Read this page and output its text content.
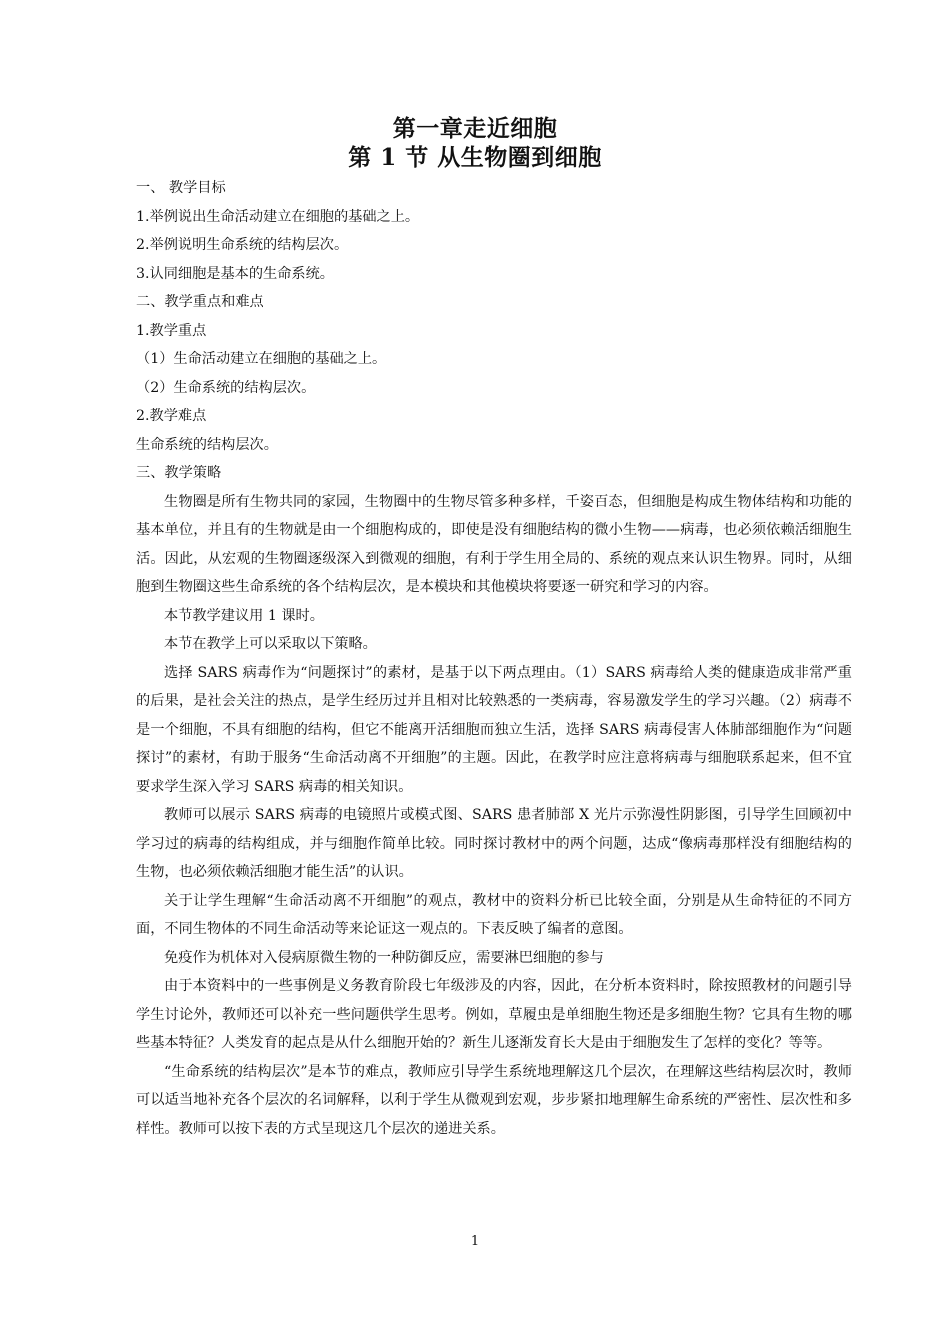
第一章走近细胞
第 1 节 从生物圈到细胞

一、 教学目标

1.举例说出生命活动建立在细胞的基础之上。

2.举例说明生命系统的结构层次。

3.认同细胞是基本的生命系统。

二、教学重点和难点

1.教学重点

（1）生命活动建立在细胞的基础之上。

（2）生命系统的结构层次。

2.教学难点

生命系统的结构层次。

三、教学策略

生物圈是所有生物共同的家园，生物圈中的生物尽管多种多样，千姿百态，但细胞是构成生物体结构和功能的基本单位，并且有的生物就是由一个细胞构成的，即使是没有细胞结构的微小生物——病毒，也必须依赖活细胞生活。因此，从宏观的生物圈逐级深入到微观的细胞，有利于学生用全局的、系统的观点来认识生物界。同时，从细胞到生物圈这些生命系统的各个结构层次，是本模块和其他模块将要逐一研究和学习的内容。

本节教学建议用 1 课时。

本节在教学上可以采取以下策略。

选择 SARS 病毒作为“问题探讨”的素材，是基于以下两点理由。（1）SARS 病毒给人类的健康造成非常严重的后果，是社会关注的热点，是学生经历过并且相对比较熟悉的一类病毒，容易激发学生的学习兴趣。（2）病毒不是一个细胞，不具有细胞的结构，但它不能离开活细胞而独立生活，选择 SARS 病毒侵害人体肺部细胞作为“问题探讨”的素材，有助于服务“生命活动离不开细胞”的主题。因此，在教学时应注意将病毒与细胞联系起来，但不宜要求学生深入学习 SARS 病毒的相关知识。

教师可以展示 SARS 病毒的电镜照片或模式图、SARS 患者肺部 X 光片示弥漫性阴影图，引导学生回顾初中学习过的病毒的结构组成，并与细胞作简单比较。同时探讨教材中的两个问题，达成“像病毒那样没有细胞结构的生物，也必须依赖活细胞才能生活”的认识。

关于让学生理解“生命活动离不开细胞”的观点，教材中的资料分析已比较全面，分别是从生命特征的不同方面，不同生物体的不同生命活动等来论证这一观点的。下表反映了编者的意图。

免疫作为机体对入侵病原微生物的一种防御反应，需要淋巴细胞的参与

由于本资料中的一些事例是义务教育阶段七年级涉及的内容，因此，在分析本资料时，除按照教材的问题引导学生讨论外，教师还可以补充一些问题供学生思考。例如，草履虫是单细胞生物还是多细胞生物？它具有生物的哪些基本特征？人类发育的起点是从什么细胞开始的？新生儿逐渐发育长大是由于细胞发生了怎样的变化？等等。

“生命系统的结构层次”是本节的难点，教师应引导学生系统地理解这几个层次，在理解这些结构层次时，教师可以适当地补充各个层次的名词解释，以利于学生从微观到宏观，步步紧扣地理解生命系统的严密性、层次性和多样性。教师可以按下表的方式呈现这几个层次的递进关系。

1
